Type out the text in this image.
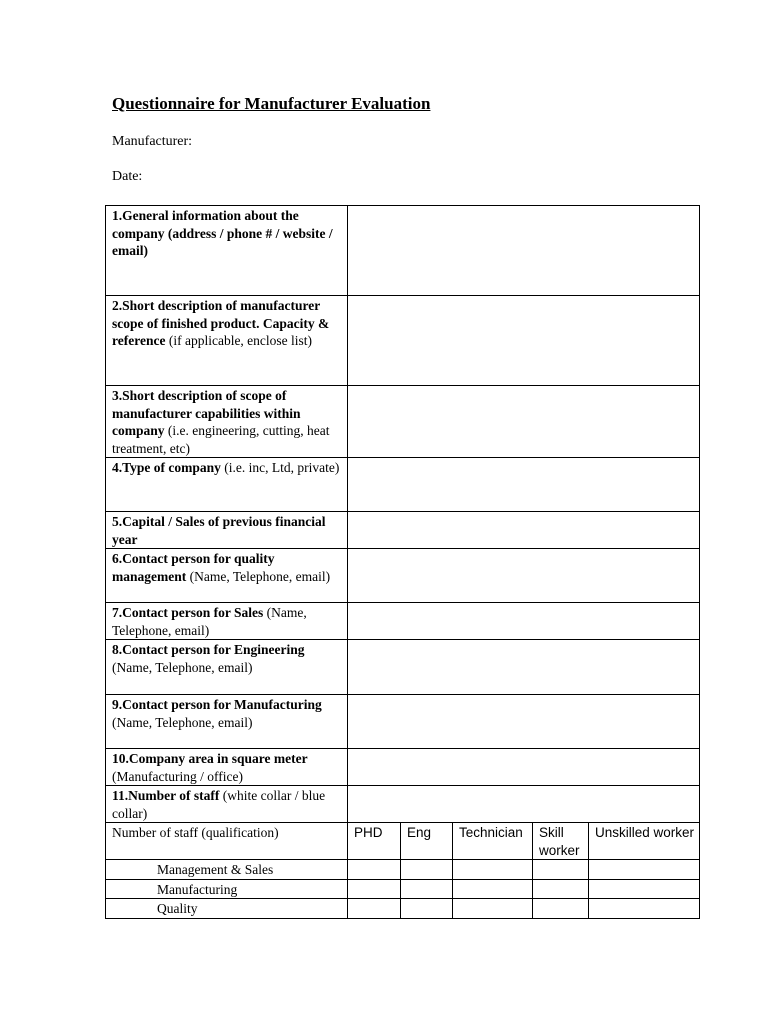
Questionnaire for Manufacturer Evaluation
Manufacturer:
Date:
1.General information about the company (address / phone # / website / email)					
2.Short description of manufacturer scope of finished product. Capacity & reference (if applicable, enclose list)					
3.Short description of scope of manufacturer capabilities within company (i.e. engineering, cutting, heat treatment, etc)					
4.Type of company (i.e. inc, Ltd, private)					
5.Capital / Sales of previous financial year					
6.Contact person for quality management (Name, Telephone, email)					
7.Contact person for Sales (Name, Telephone, email)					
8.Contact person for Engineering (Name, Telephone, email)					
9.Contact person for Manufacturing (Name, Telephone, email)					
10.Company area in square meter (Manufacturing / office)					
11.Number of staff (white collar / blue collar)					
Number of staff (qualification)	PHD	Eng	Technician	Skill worker	Unskilled worker
Management & Sales					
Manufacturing					
Quality					
